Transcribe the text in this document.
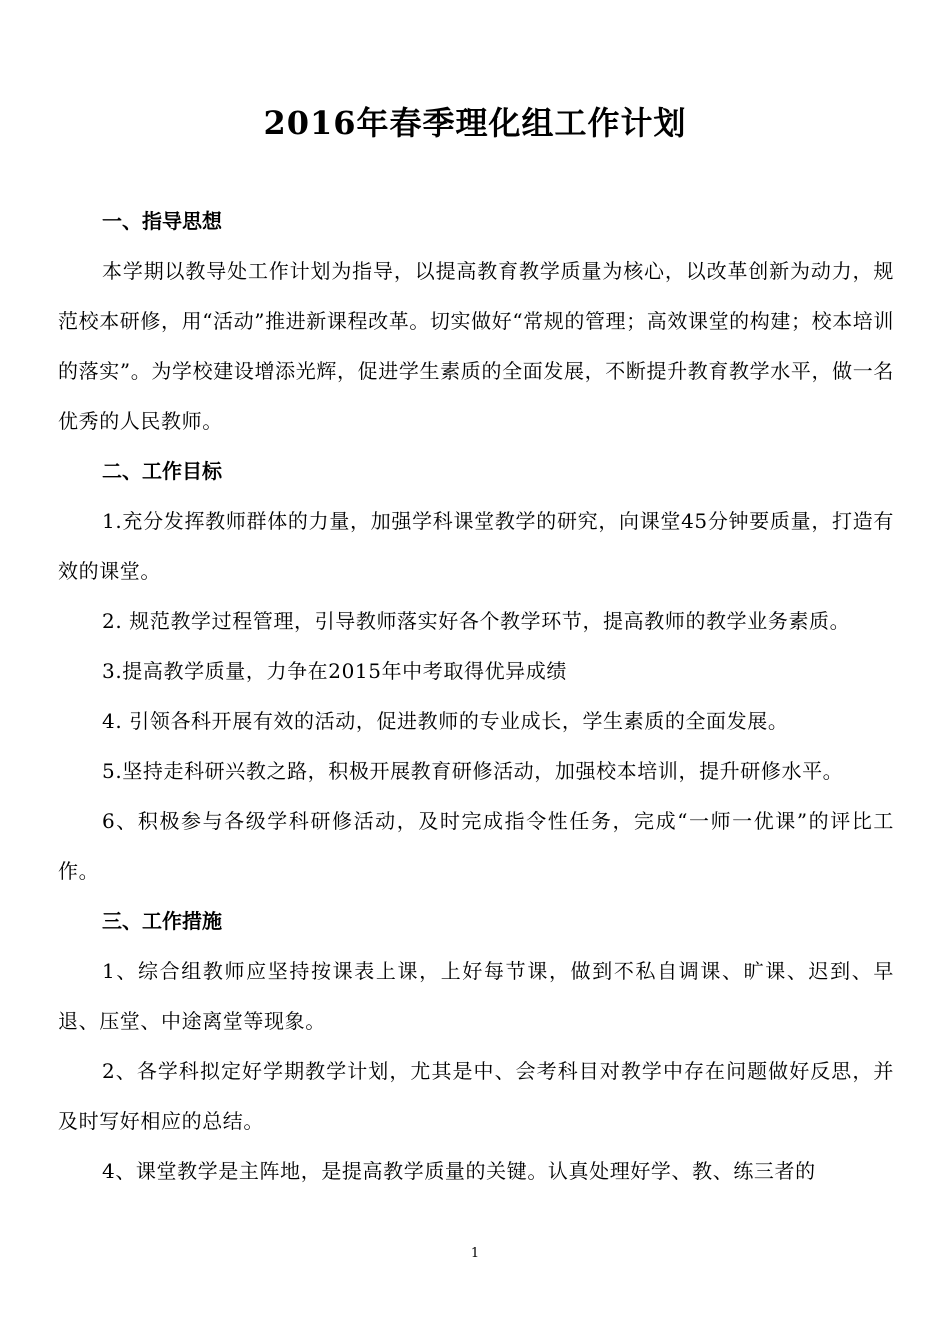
2016年春季理化组工作计划

一、指导思想

本学期以教导处工作计划为指导，以提高教育教学质量为核心，以改革创新为动力，规范校本研修，用“活动”推进新课程改革。切实做好“常规的管理；高效课堂的构建；校本培训的落实”。为学校建设增添光辉，促进学生素质的全面发展，不断提升教育教学水平，做一名优秀的人民教师。

二、工作目标

1.充分发挥教师群体的力量，加强学科课堂教学的研究，向课堂45分钟要质量，打造有效的课堂。

2. 规范教学过程管理，引导教师落实好各个教学环节，提高教师的教学业务素质。

3.提高教学质量，力争在2015年中考取得优异成绩

4. 引领各科开展有效的活动，促进教师的专业成长，学生素质的全面发展。

5.坚持走科研兴教之路，积极开展教育研修活动，加强校本培训，提升研修水平。

6、积极参与各级学科研修活动，及时完成指令性任务，完成“一师一优课”的评比工作。

三、工作措施

1、综合组教师应坚持按课表上课，上好每节课，做到不私自调课、旷课、迟到、早退、压堂、中途离堂等现象。

2、各学科拟定好学期教学计划，尤其是中、会考科目对教学中存在问题做好反思，并及时写好相应的总结。

4、课堂教学是主阵地，是提高教学质量的关键。认真处理好学、教、练三者的

1
